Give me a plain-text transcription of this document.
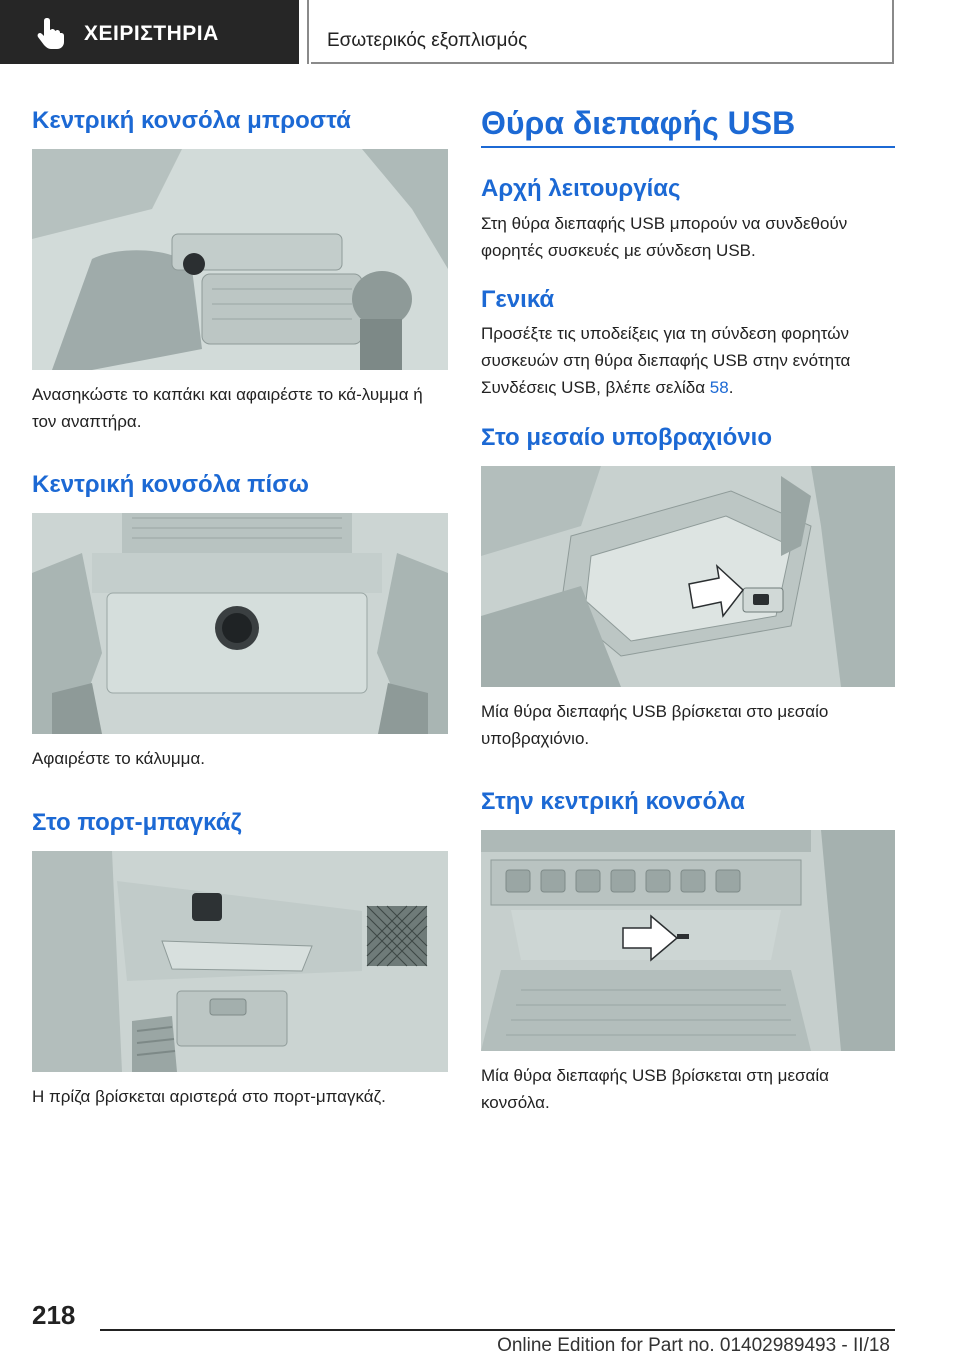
ΧΕΙΡΙΣΤΗΡΙΑ	Εσωτερικός εξοπλισμός
Κεντρική κονσόλα μπροστά

Ανασηκώστε το καπάκι και αφαιρέστε το κά‐λυμμα ή τον αναπτήρα.

Κεντρική κονσόλα πίσω

Αφαιρέστε το κάλυμμα.

Στο πορτ-μπαγκάζ

Η πρίζα βρίσκεται αριστερά στο πορτ-μπαγκάζ.

Θύρα διεπαφής USB
Αρχή λειτουργίας

Στη θύρα διεπαφής USB μπορούν να συνδεθούν φορητές συσκευές με σύνδεση USB.

Γενικά

Προσέξτε τις υποδείξεις για τη σύνδεση φορητών συσκευών στη θύρα διεπαφής USB στην ενότητα Συνδέσεις USB, βλέπε σελίδα 58.

Στο μεσαίο υποβραχιόνιο

Μία θύρα διεπαφής USB βρίσκεται στο μεσαίο υποβραχιόνιο.

Στην κεντρική κονσόλα

Μία θύρα διεπαφής USB βρίσκεται στη μεσαία κονσόλα.

218
Online Edition for Part no. 01402989493 - II/18
